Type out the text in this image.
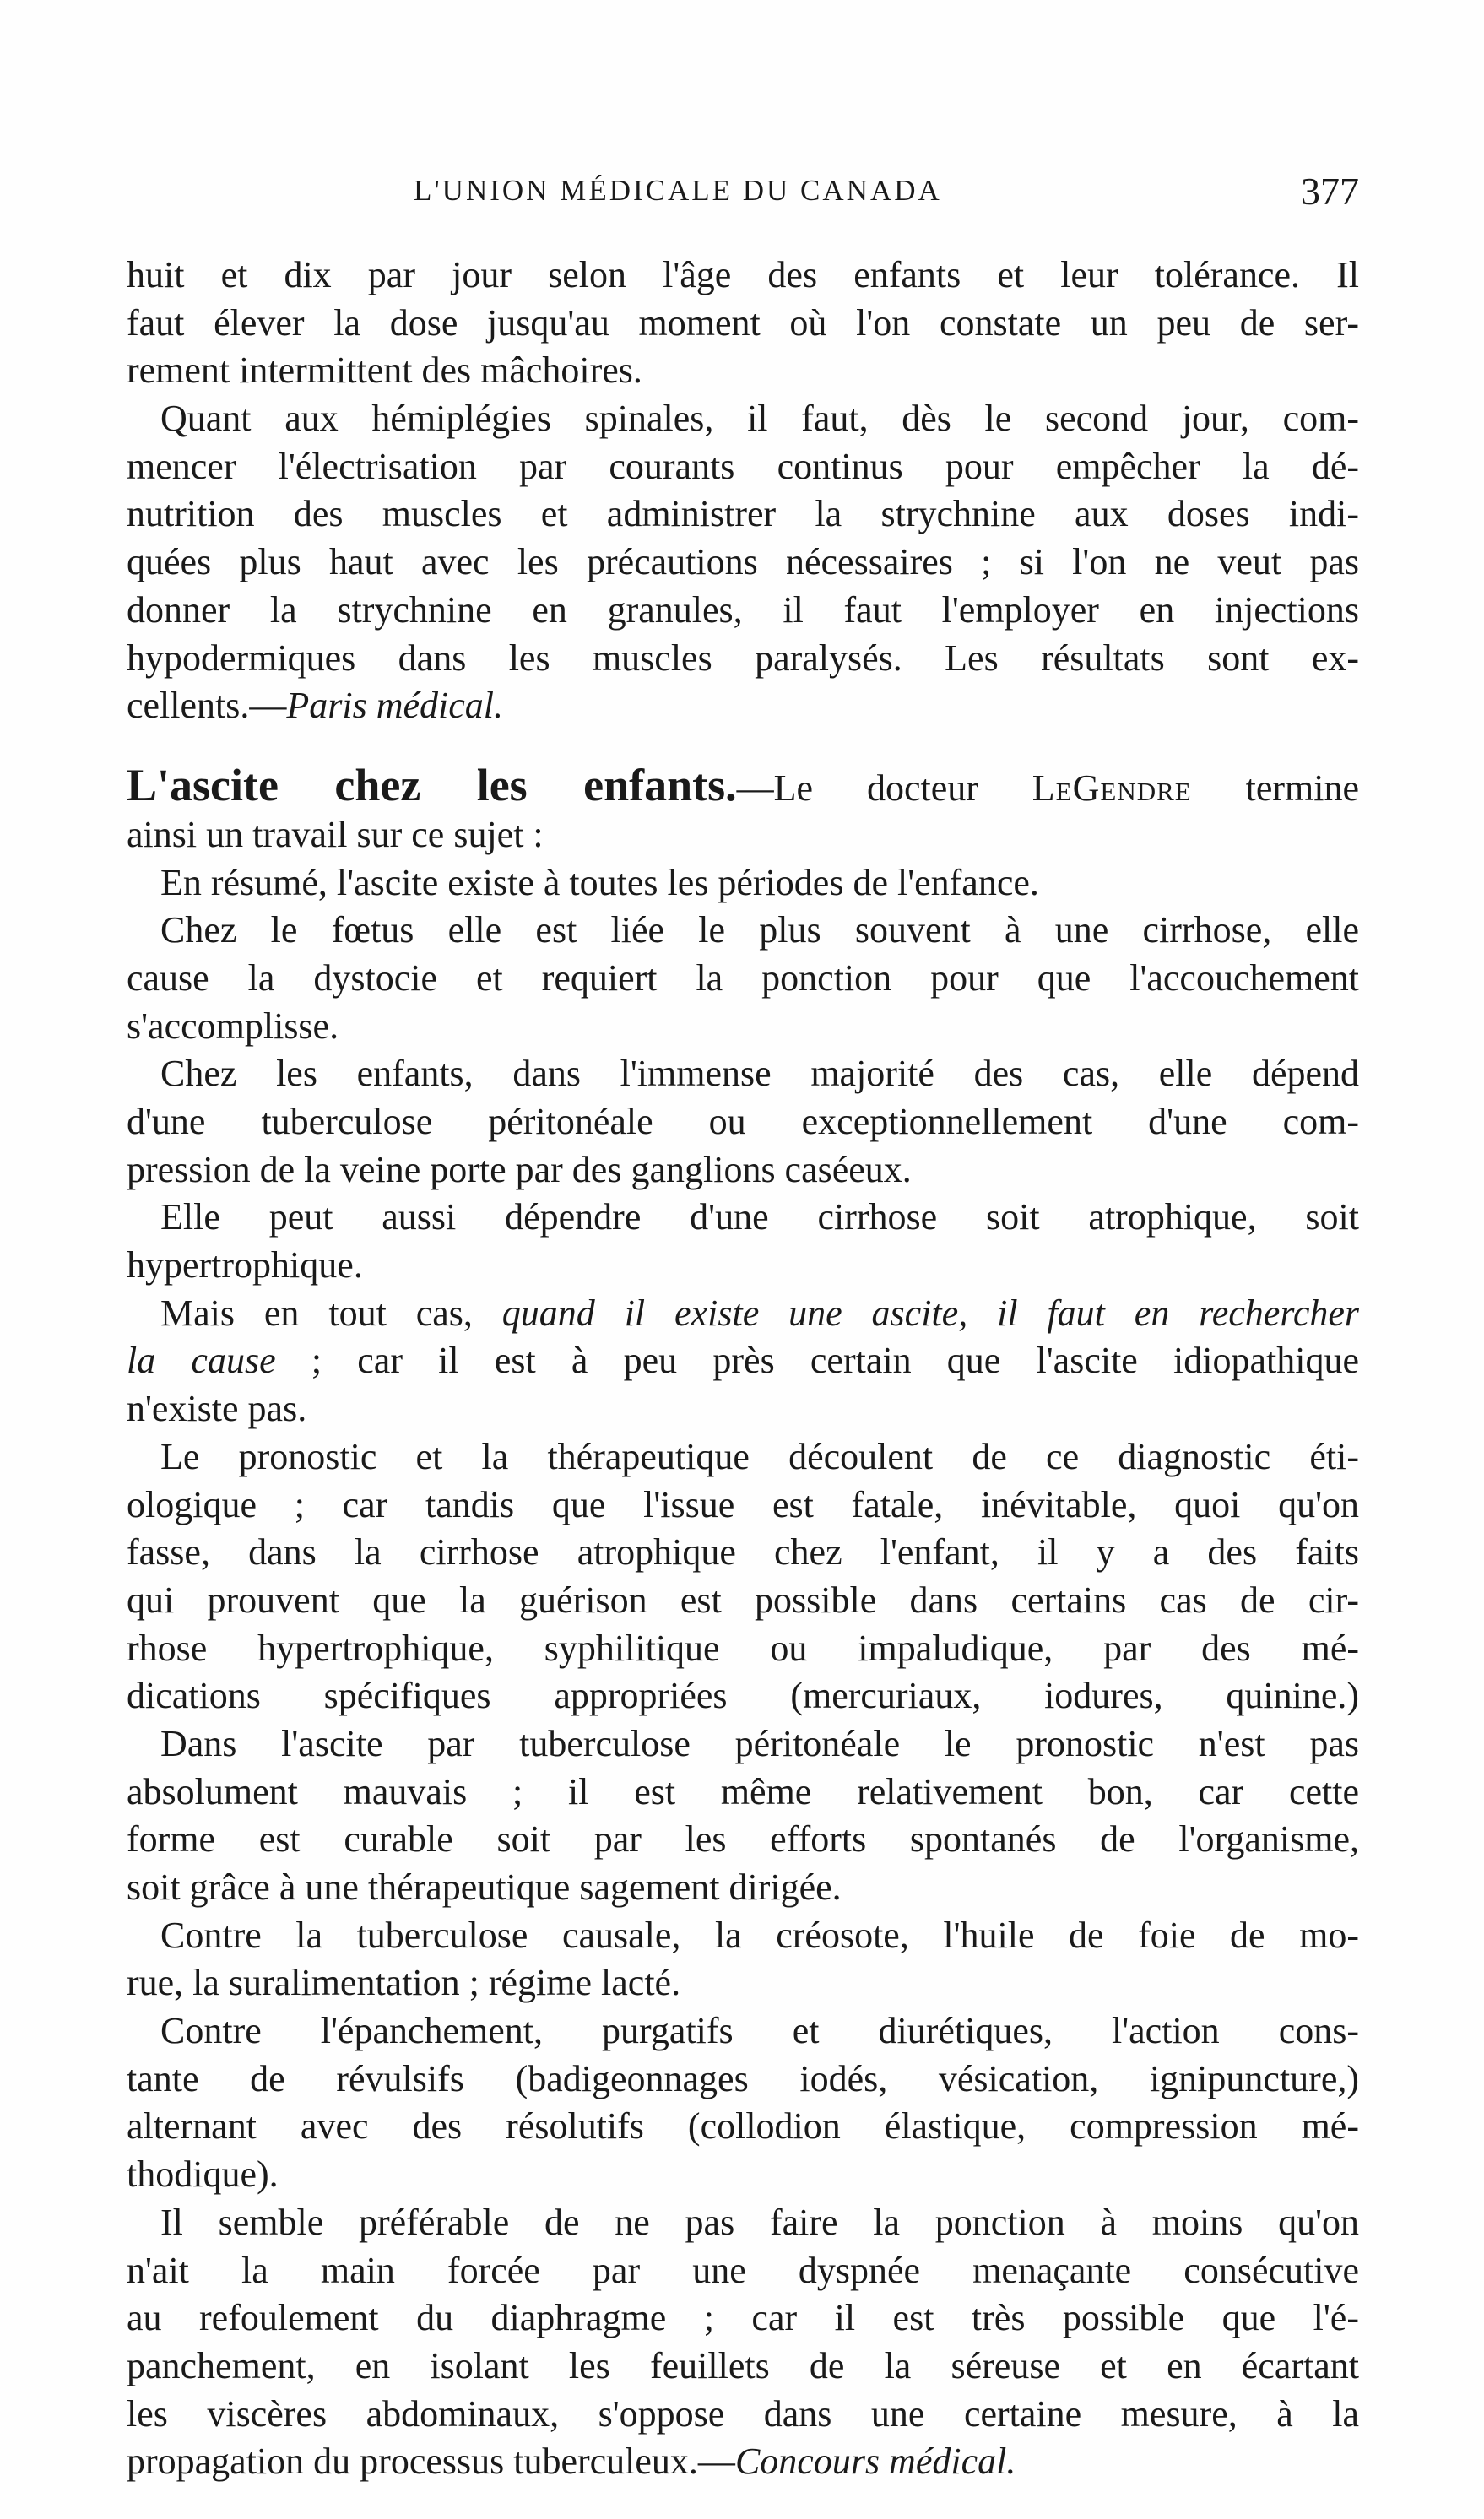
L'UNION MÉDICALE DU CANADA	377
huit et dix par jour selon l'âge des enfants et leur tolérance. Il
faut élever la dose jusqu'au moment où l'on constate un peu de ser-
rement intermittent des mâchoires.
Quant aux hémiplégies spinales, il faut, dès le second jour, com-
mencer l'électrisation par courants continus pour empêcher la dé-
nutrition des muscles et administrer la strychnine aux doses indi-
quées plus haut avec les précautions nécessaires ; si l'on ne veut pas
donner la strychnine en granules, il faut l'employer en injections
hypodermiques dans les muscles paralysés. Les résultats sont ex-
cellents.—Paris médical.
L'ascite chez les enfants.—Le docteur LeGendre termine
ainsi un travail sur ce sujet :
En résumé, l'ascite existe à toutes les périodes de l'enfance.
Chez le fœtus elle est liée le plus souvent à une cirrhose, elle
cause la dystocie et requiert la ponction pour que l'accouchement
s'accomplisse.
Chez les enfants, dans l'immense majorité des cas, elle dépend
d'une tuberculose péritonéale ou exceptionnellement d'une com-
pression de la veine porte par des ganglions caséeux.
Elle peut aussi dépendre d'une cirrhose soit atrophique, soit
hypertrophique.
Mais en tout cas, quand il existe une ascite, il faut en rechercher
la cause ; car il est à peu près certain que l'ascite idiopathique
n'existe pas.
Le pronostic et la thérapeutique découlent de ce diagnostic éti-
ologique ; car tandis que l'issue est fatale, inévitable, quoi qu'on
fasse, dans la cirrhose atrophique chez l'enfant, il y a des faits
qui prouvent que la guérison est possible dans certains cas de cir-
rhose hypertrophique, syphilitique ou impaludique, par des mé-
dications spécifiques appropriées (mercuriaux, iodures, quinine.)
Dans l'ascite par tuberculose péritonéale le pronostic n'est pas
absolument mauvais ; il est même relativement bon, car cette
forme est curable soit par les efforts spontanés de l'organisme,
soit grâce à une thérapeutique sagement dirigée.
Contre la tuberculose causale, la créosote, l'huile de foie de mo-
rue, la suralimentation ; régime lacté.
Contre l'épanchement, purgatifs et diurétiques, l'action cons-
tante de révulsifs (badigeonnages iodés, vésication, ignipuncture,)
alternant avec des résolutifs (collodion élastique, compression mé-
thodique).
Il semble préférable de ne pas faire la ponction à moins qu'on
n'ait la main forcée par une dyspnée menaçante consécutive
au refoulement du diaphragme ; car il est très possible que l'é-
panchement, en isolant les feuillets de la séreuse et en écartant
les viscères abdominaux, s'oppose dans une certaine mesure, à la
propagation du processus tuberculeux.—Concours médical.
